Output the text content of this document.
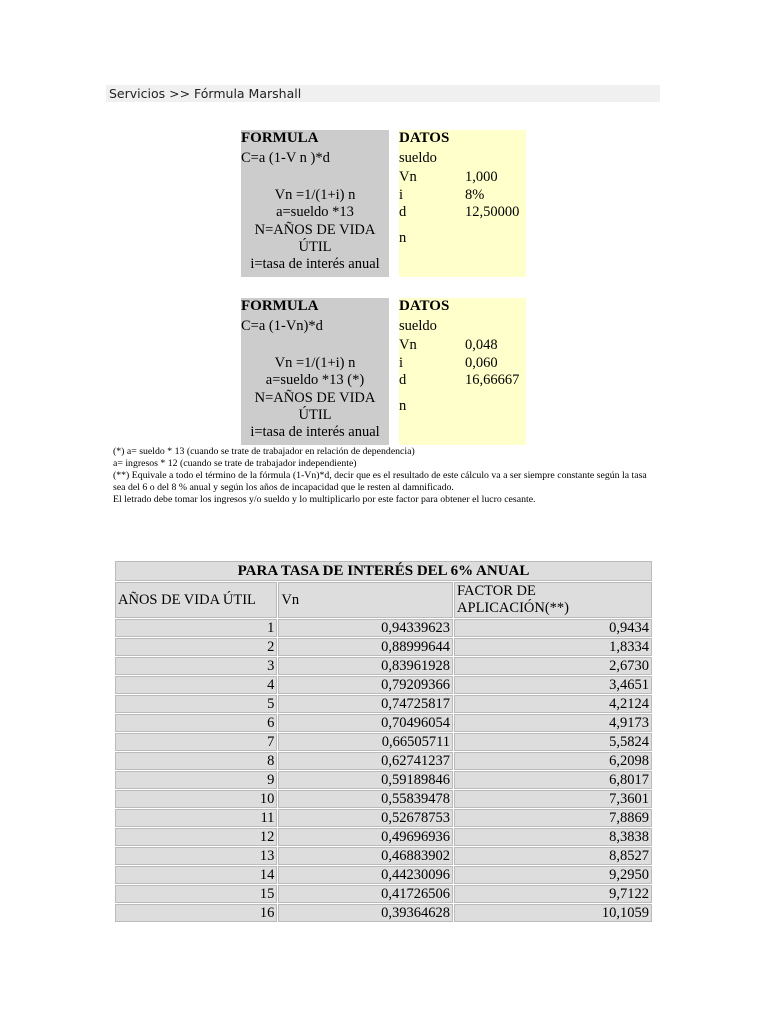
Servicios >> Fórmula Marshall
FORMULA
C=a (1-V n )*d
Vn =1/(1+i) n
a=sueldo *13
N=AÑOS DE VIDA
ÚTIL
i=tasa de interés anual
DATOS
sueldo
Vn	1,000
i	8%
d	12,50000
n
FORMULA
C=a (1-Vn)*d
Vn =1/(1+i) n
a=sueldo *13 (*)
N=AÑOS DE VIDA
ÚTIL
i=tasa de interés anual
DATOS
sueldo
Vn	0,048
i	0,060
d	16,66667
n
(*) a= sueldo * 13 (cuando se trate de trabajador en relación de dependencia)
a= ingresos * 12 (cuando se trate de trabajador independiente)
(**) Equivale a todo el término de la fórmula (1-Vn)*d, decir que es el resultado de este cálculo va a ser siempre constante según la tasa sea del 6 o del 8 % anual y según los años de incapacidad que le resten al damnificado.
El letrado debe tomar los ingresos y/o sueldo y lo multiplicarlo por este factor para obtener el lucro cesante.
PARA TASA DE INTERÉS DEL 6% ANUAL		
AÑOS DE VIDA ÚTIL	Vn	FACTOR DE APLICACIÓN(**)
1	0,94339623	0,9434
2	0,88999644	1,8334
3	0,83961928	2,6730
4	0,79209366	3,4651
5	0,74725817	4,2124
6	0,70496054	4,9173
7	0,66505711	5,5824
8	0,62741237	6,2098
9	0,59189846	6,8017
10	0,55839478	7,3601
11	0,52678753	7,8869
12	0,49696936	8,3838
13	0,46883902	8,8527
14	0,44230096	9,2950
15	0,41726506	9,7122
16	0,39364628	10,1059
